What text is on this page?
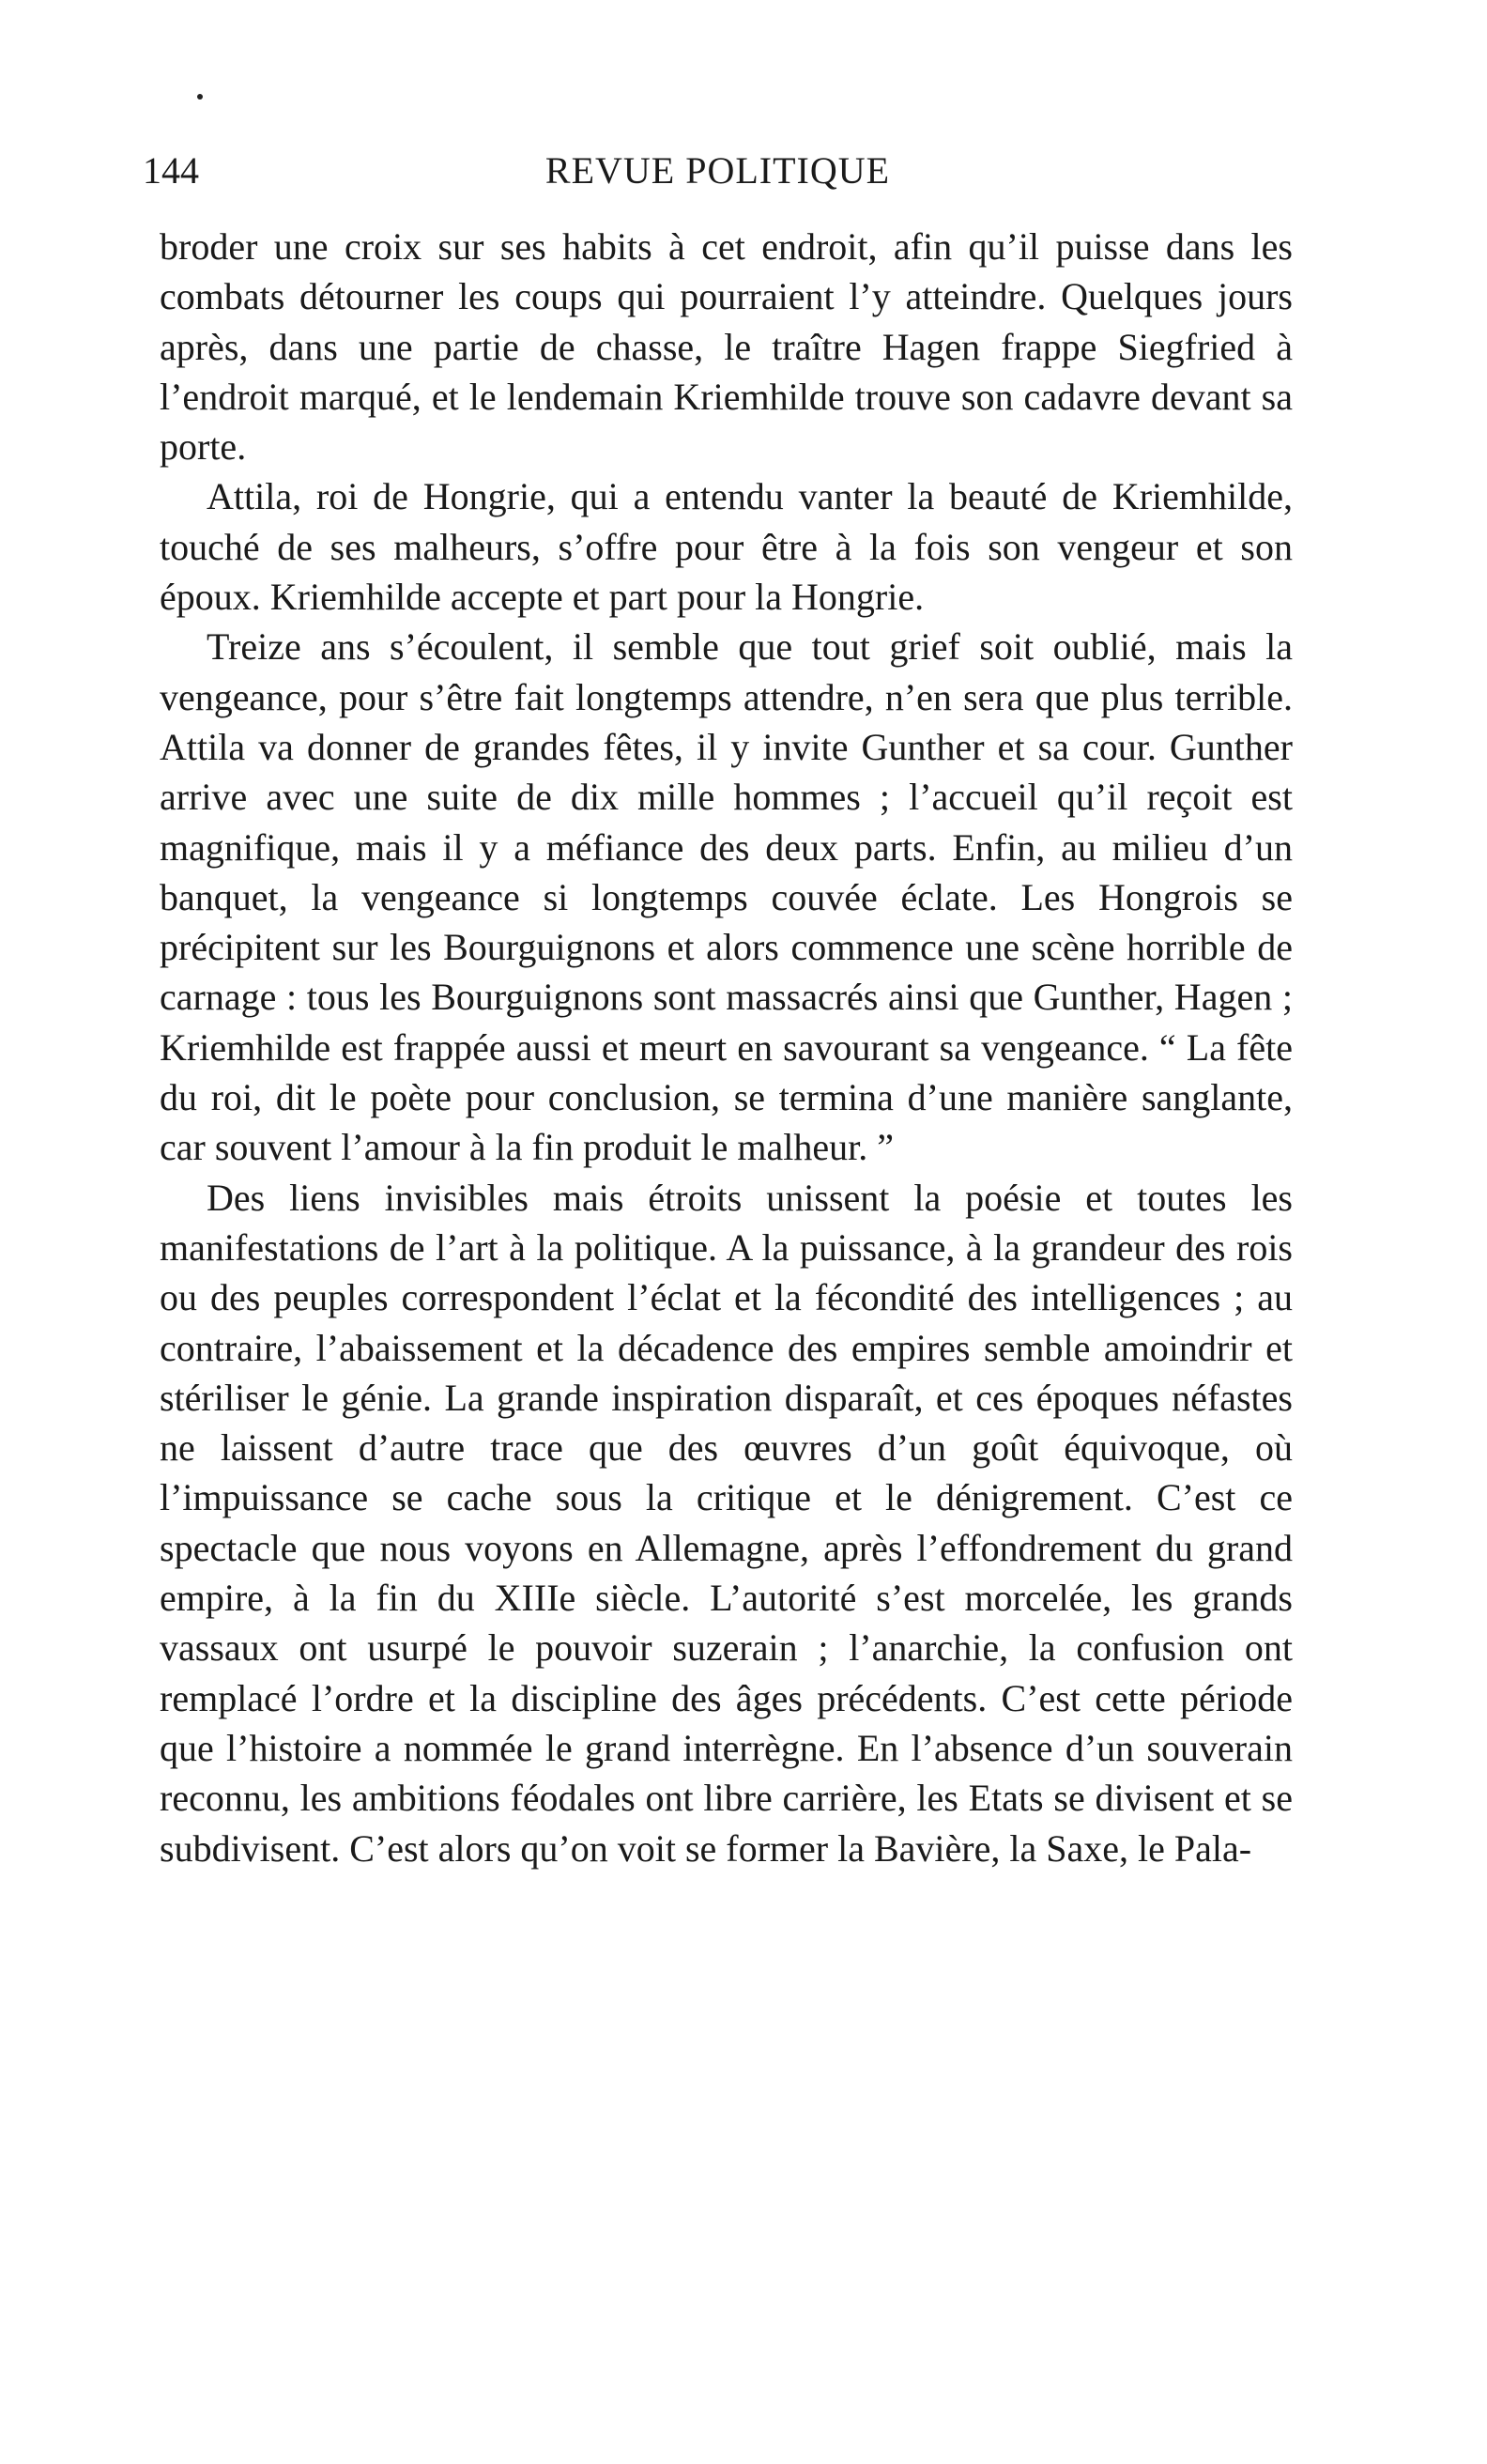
144	REVUE POLITIQUE

broder une croix sur ses habits à cet endroit, afin qu’il puisse dans les combats détourner les coups qui pourraient l’y atteindre. Quelques jours après, dans une partie de chasse, le traître Hagen frappe Siegfried à l’endroit marqué, et le lendemain Kriemhilde trouve son cadavre devant sa porte.

Attila, roi de Hongrie, qui a entendu vanter la beauté de Kriemhilde, touché de ses malheurs, s’offre pour être à la fois son vengeur et son époux. Kriemhilde accepte et part pour la Hongrie.

Treize ans s’écoulent, il semble que tout grief soit oublié, mais la vengeance, pour s’être fait longtemps attendre, n’en sera que plus terrible. Attila va donner de grandes fêtes, il y invite Gunther et sa cour. Gunther arrive avec une suite de dix mille hommes ; l’accueil qu’il reçoit est magnifique, mais il y a méfiance des deux parts. Enfin, au milieu d’un banquet, la vengeance si longtemps couvée éclate. Les Hongrois se précipitent sur les Bourguignons et alors commence une scène horrible de carnage : tous les Bourguignons sont massacrés ainsi que Gunther, Hagen ; Kriemhilde est frappée aussi et meurt en savourant sa vengeance. “ La fête du roi, dit le poète pour conclusion, se termina d’une manière sanglante, car souvent l’amour à la fin produit le malheur. ”

Des liens invisibles mais étroits unissent la poésie et toutes les manifestations de l’art à la politique. A la puissance, à la grandeur des rois ou des peuples correspondent l’éclat et la fécondité des intelligences ; au contraire, l’abaissement et la décadence des empires semble amoindrir et stériliser le génie. La grande inspiration disparaît, et ces époques néfastes ne laissent d’autre trace que des œuvres d’un goût équivoque, où l’impuissance se cache sous la critique et le dénigrement. C’est ce spectacle que nous voyons en Allemagne, après l’effondrement du grand empire, à la fin du XIIIe siècle. L’autorité s’est morcelée, les grands vassaux ont usurpé le pouvoir suzerain ; l’anarchie, la confusion ont remplacé l’ordre et la discipline des âges précédents. C’est cette période que l’histoire a nommée le grand interrègne. En l’absence d’un souverain reconnu, les ambitions féodales ont libre carrière, les Etats se divisent et se subdivisent. C’est alors qu’on voit se former la Bavière, la Saxe, le Pala-
